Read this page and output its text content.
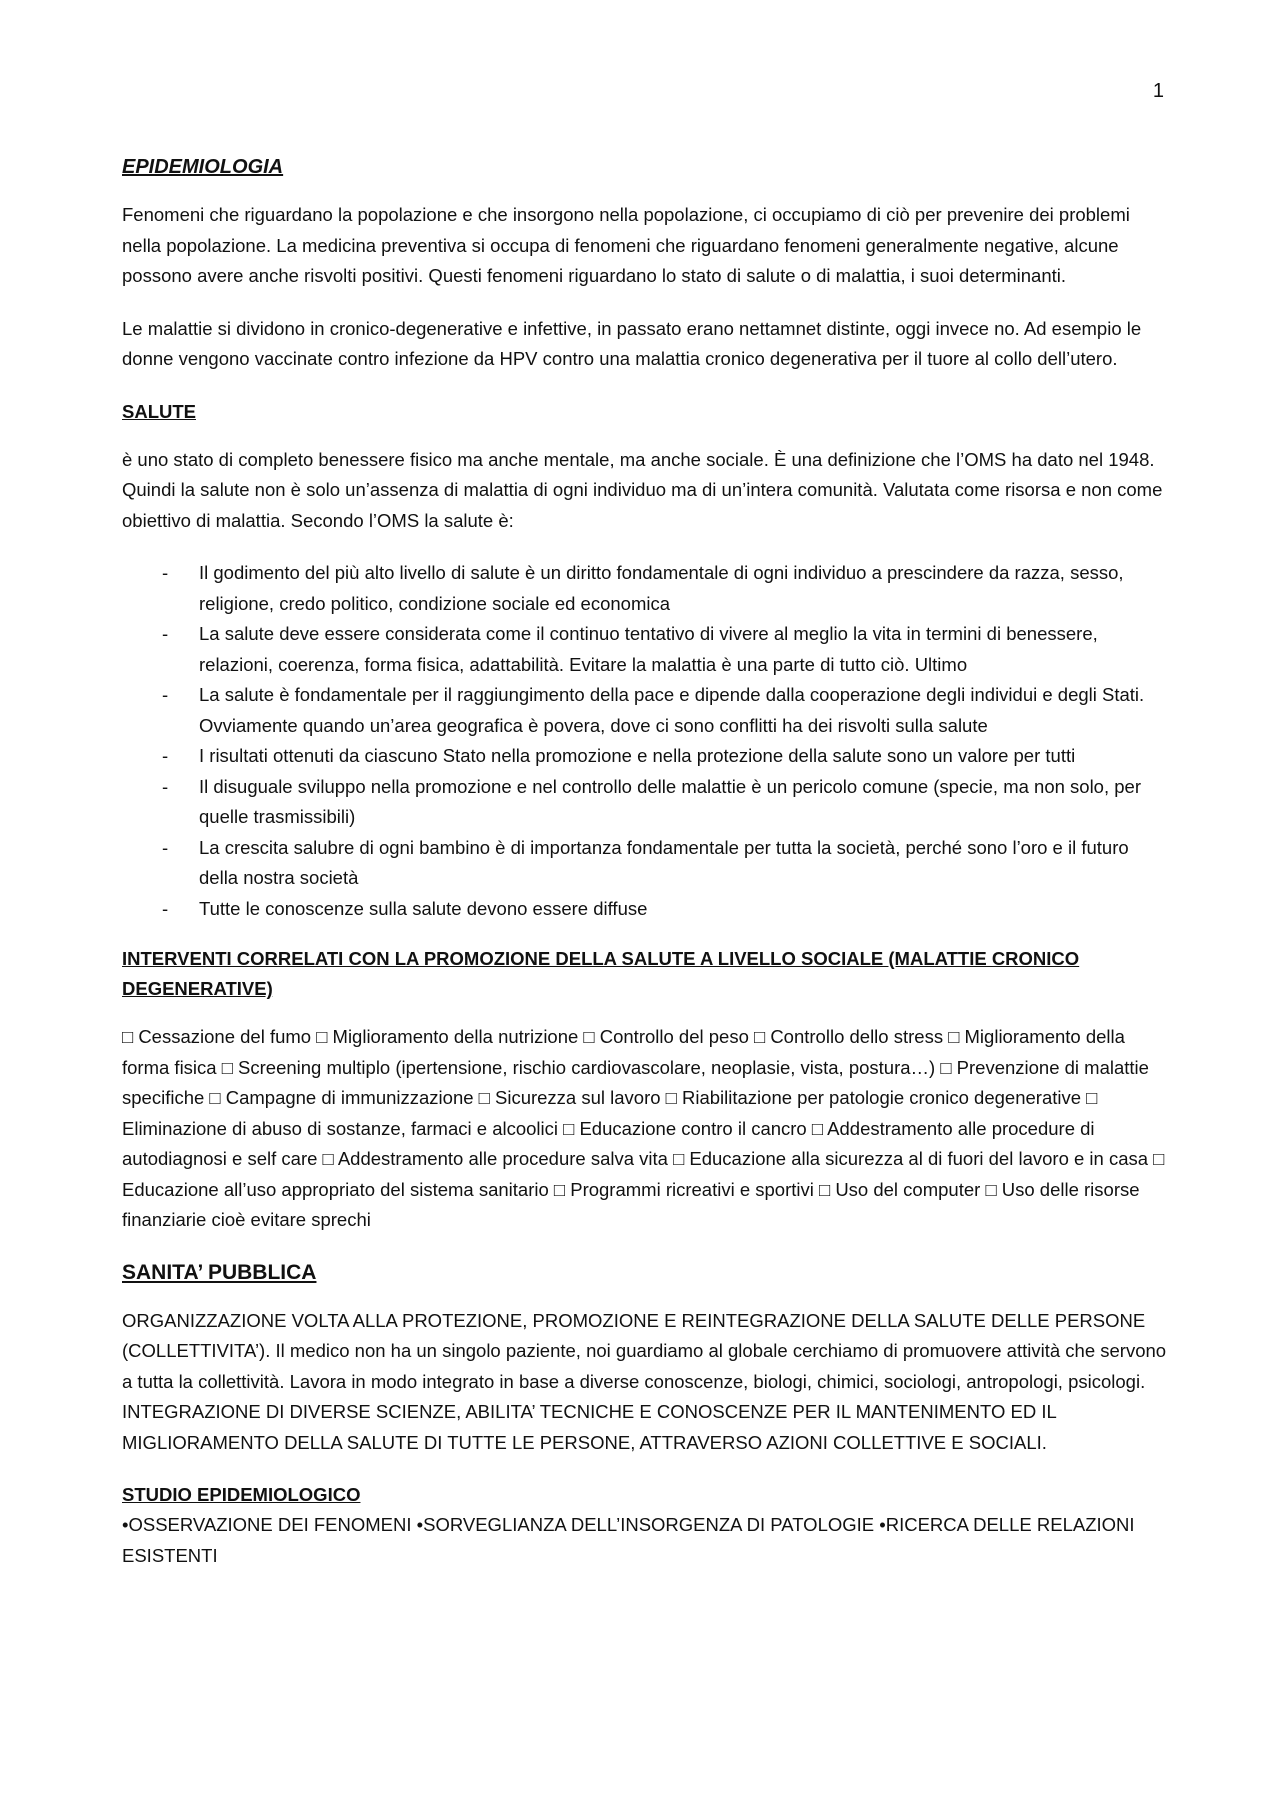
1
EPIDEMIOLOGIA

Fenomeni che riguardano la popolazione e che insorgono nella popolazione, ci occupiamo di ciò per prevenire dei problemi nella popolazione. La medicina preventiva si occupa di fenomeni che riguardano fenomeni generalmente negative, alcune possono avere anche risvolti positivi. Questi fenomeni riguardano lo stato di salute o di malattia, i suoi determinanti.

Le malattie si dividono in cronico-degenerative e infettive, in passato erano nettamnet distinte, oggi invece no. Ad esempio le donne vengono vaccinate contro infezione da HPV contro una malattia cronico degenerativa per il tuore al collo dell’utero.

SALUTE

è uno stato di completo benessere fisico ma anche mentale, ma anche sociale. È una definizione che l’OMS ha dato nel 1948. Quindi la salute non è solo un’assenza di malattia di ogni individuo ma di un’intera comunità. Valutata come risorsa e non come obiettivo di malattia. Secondo l’OMS la salute è:

- Il godimento del più alto livello di salute è un diritto fondamentale di ogni individuo a prescindere da razza, sesso, religione, credo politico, condizione sociale ed economica
- La salute deve essere considerata come il continuo tentativo di vivere al meglio la vita in termini di benessere, relazioni, coerenza, forma fisica, adattabilità. Evitare la malattia è una parte di tutto ciò. Ultimo
- La salute è fondamentale per il raggiungimento della pace e dipende dalla cooperazione degli individui e degli Stati. Ovviamente quando un’area geografica è povera, dove ci sono conflitti ha dei risvolti sulla salute
- I risultati ottenuti da ciascuno Stato nella promozione e nella protezione della salute sono un valore per tutti
- Il disuguale sviluppo nella promozione e nel controllo delle malattie è un pericolo comune (specie, ma non solo, per quelle trasmissibili)
- La crescita salubre di ogni bambino è di importanza fondamentale per tutta la società, perché sono l’oro e il futuro della nostra società
- Tutte le conoscenze sulla salute devono essere diffuse
INTERVENTI CORRELATI CON LA PROMOZIONE DELLA SALUTE A LIVELLO SOCIALE (MALATTIE CRONICO DEGENERATIVE)

□ Cessazione del fumo □ Miglioramento della nutrizione □ Controllo del peso □ Controllo dello stress □ Miglioramento della forma fisica □ Screening multiplo (ipertensione, rischio cardiovascolare, neoplasie, vista, postura…) □ Prevenzione di malattie specifiche □ Campagne di immunizzazione □ Sicurezza sul lavoro □ Riabilitazione per patologie cronico degenerative □ Eliminazione di abuso di sostanze, farmaci e alcoolici □ Educazione contro il cancro □ Addestramento alle procedure di autodiagnosi e self care □ Addestramento alle procedure salva vita □ Educazione alla sicurezza al di fuori del lavoro e in casa □ Educazione all’uso appropriato del sistema sanitario □ Programmi ricreativi e sportivi □ Uso del computer □ Uso delle risorse finanziarie cioè evitare sprechi

SANITA’ PUBBLICA

ORGANIZZAZIONE VOLTA ALLA PROTEZIONE, PROMOZIONE E REINTEGRAZIONE DELLA SALUTE DELLE PERSONE (COLLETTIVITA’). Il medico non ha un singolo paziente, noi guardiamo al globale cerchiamo di promuovere attività che servono a tutta la collettività. Lavora in modo integrato in base a diverse conoscenze, biologi, chimici, sociologi, antropologi, psicologi. INTEGRAZIONE DI DIVERSE SCIENZE, ABILITA’ TECNICHE E CONOSCENZE PER IL MANTENIMENTO ED IL MIGLIORAMENTO DELLA SALUTE DI TUTTE LE PERSONE, ATTRAVERSO AZIONI COLLETTIVE E SOCIALI.

STUDIO EPIDEMIOLOGICO

•OSSERVAZIONE DEI FENOMENI •SORVEGLIANZA DELL’INSORGENZA DI PATOLOGIE •RICERCA DELLE RELAZIONI ESISTENTI
